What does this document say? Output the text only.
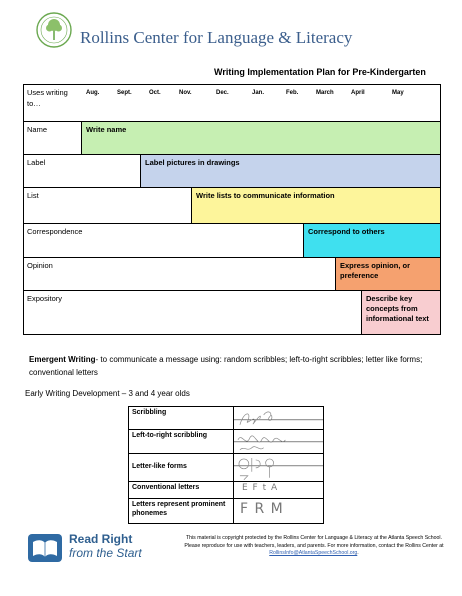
Rollins Center for Language & Literacy
Writing Implementation Plan for Pre-Kindergarten
Uses writing to…
Aug.	Sept.	Oct.	Nov.	Dec.	Jan.	Feb.	March	April	May
Name	Write name
Label	Label pictures in drawings
List	Write lists to communicate information
Correspondence	Correspond to others
Opinion	Express opinion, or preference
Expository	Describe key concepts from informational text
Emergent Writing- to communicate a message using: random scribbles; left-to-right scribbles; letter like forms; conventional letters
Early Writing Development – 3 and 4 year olds
Scribbling
Left-to-right scribbling
Letter-like forms
Conventional letters	E F t A
Letters represent prominent phonemes	F R M
Read Right
from the Start
This material is copyright protected by the Rollins Center for Language & Literacy at the Atlanta Speech School. Please reproduce for use with teachers, leaders, and parents. For more information, contact the Rollins Center at RollinsInfo@AtlantaSpeechSchool.org.
